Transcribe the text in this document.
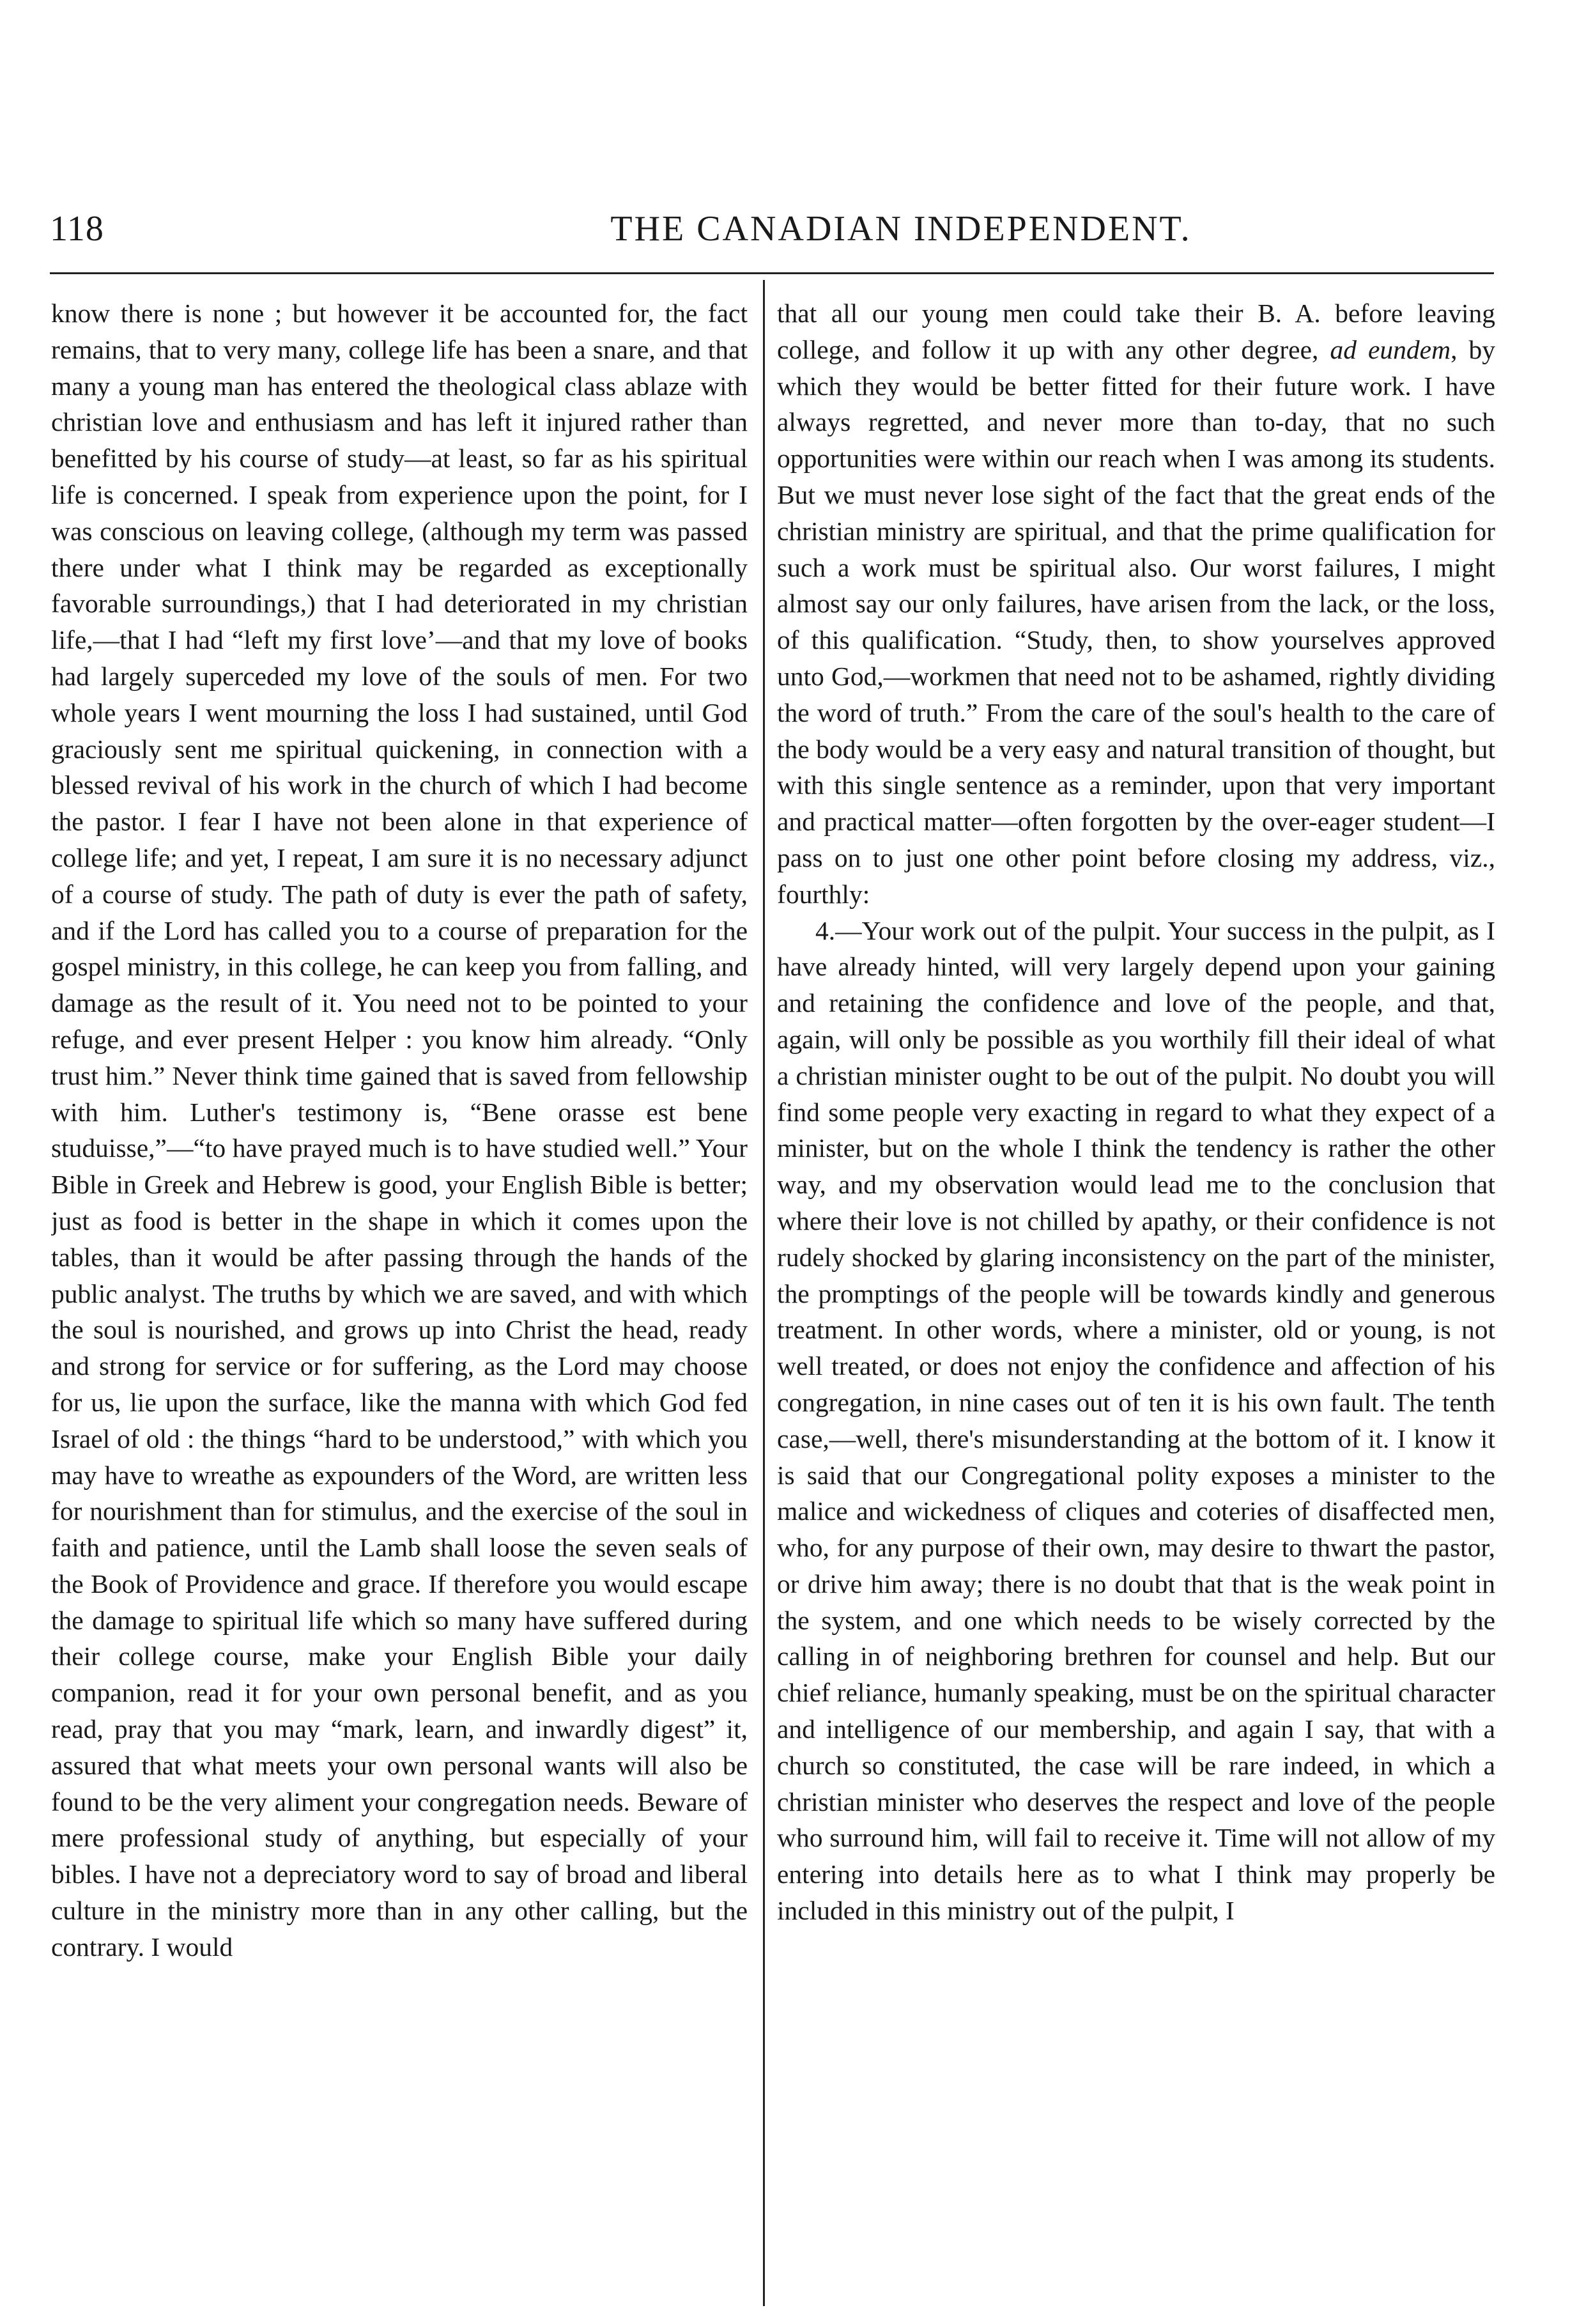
118	THE CANADIAN INDEPENDENT.

know there is none ; but however it be accounted for, the fact remains, that to very many, college life has been a snare, and that many a young man has entered the theological class ablaze with christian love and enthusiasm and has left it injured rather than benefitted by his course of study—at least, so far as his spiritual life is concerned. I speak from experience upon the point, for I was conscious on leaving college, (although my term was passed there under what I think may be regarded as exceptionally favorable surroundings,) that I had deteriorated in my christian life,—that I had “left my first love’—and that my love of books had largely superceded my love of the souls of men. For two whole years I went mourning the loss I had sustained, until God graciously sent me spiritual quickening, in connection with a blessed revival of his work in the church of which I had become the pastor. I fear I have not been alone in that experience of college life; and yet, I repeat, I am sure it is no necessary adjunct of a course of study. The path of duty is ever the path of safety, and if the Lord has called you to a course of preparation for the gospel ministry, in this college, he can keep you from falling, and damage as the result of it. You need not to be pointed to your refuge, and ever present Helper : you know him already. “Only trust him.” Never think time gained that is saved from fellowship with him. Luther's testimony is, “Bene orasse est bene studuisse,”—“to have prayed much is to have studied well.” Your Bible in Greek and Hebrew is good, your English Bible is better; just as food is better in the shape in which it comes upon the tables, than it would be after passing through the hands of the public analyst. The truths by which we are saved, and with which the soul is nourished, and grows up into Christ the head, ready and strong for service or for suffering, as the Lord may choose for us, lie upon the surface, like the manna with which God fed Israel of old : the things “hard to be understood,” with which you may have to wreathe as expounders of the Word, are written less for nourishment than for stimulus, and the exercise of the soul in faith and patience, until the Lamb shall loose the seven seals of the Book of Providence and grace. If therefore you would escape the damage to spiritual life which so many have suffered during their college course, make your English Bible your daily companion, read it for your own personal benefit, and as you read, pray that you may “mark, learn, and inwardly digest” it, assured that what meets your own personal wants will also be found to be the very aliment your congregation needs. Beware of mere professional study of anything, but especially of your bibles. I have not a depreciatory word to say of broad and liberal culture in the ministry more than in any other calling, but the contrary. I would

that all our young men could take their B. A. before leaving college, and follow it up with any other degree, ad eundem, by which they would be better fitted for their future work. I have always regretted, and never more than to-day, that no such opportunities were within our reach when I was among its students. But we must never lose sight of the fact that the great ends of the christian ministry are spiritual, and that the prime qualification for such a work must be spiritual also. Our worst failures, I might almost say our only failures, have arisen from the lack, or the loss, of this qualification. “Study, then, to show yourselves approved unto God,—workmen that need not to be ashamed, rightly dividing the word of truth.” From the care of the soul's health to the care of the body would be a very easy and natural transition of thought, but with this single sentence as a reminder, upon that very important and practical matter—often forgotten by the over-eager student—I pass on to just one other point before closing my address, viz., fourthly:

4.—Your work out of the pulpit. Your success in the pulpit, as I have already hinted, will very largely depend upon your gaining and retaining the confidence and love of the people, and that, again, will only be possible as you worthily fill their ideal of what a christian minister ought to be out of the pulpit. No doubt you will find some people very exacting in regard to what they expect of a minister, but on the whole I think the tendency is rather the other way, and my observation would lead me to the conclusion that where their love is not chilled by apathy, or their confidence is not rudely shocked by glaring inconsistency on the part of the minister, the promptings of the people will be towards kindly and generous treatment. In other words, where a minister, old or young, is not well treated, or does not enjoy the confidence and affection of his congregation, in nine cases out of ten it is his own fault. The tenth case,—well, there's misunderstanding at the bottom of it. I know it is said that our Congregational polity exposes a minister to the malice and wickedness of cliques and coteries of disaffected men, who, for any purpose of their own, may desire to thwart the pastor, or drive him away; there is no doubt that that is the weak point in the system, and one which needs to be wisely corrected by the calling in of neighboring brethren for counsel and help. But our chief reliance, humanly speaking, must be on the spiritual character and intelligence of our membership, and again I say, that with a church so constituted, the case will be rare indeed, in which a christian minister who deserves the respect and love of the people who surround him, will fail to receive it. Time will not allow of my entering into details here as to what I think may properly be included in this ministry out of the pulpit, I
